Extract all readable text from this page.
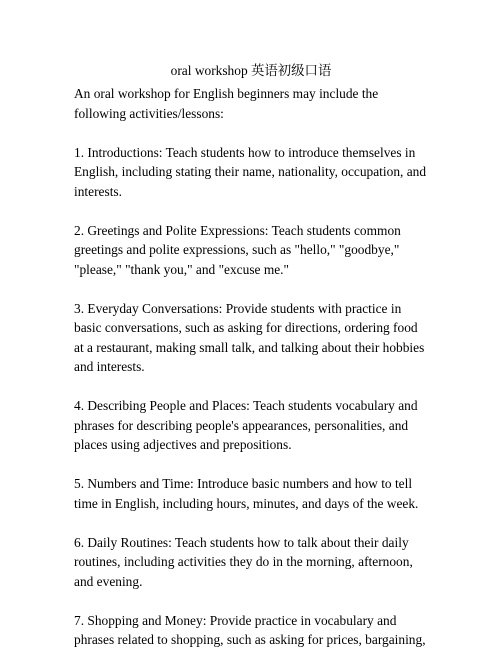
oral workshop 英语初级口语

An oral workshop for English beginners may include the following activities/lessons:

1. Introductions: Teach students how to introduce themselves in English, including stating their name, nationality, occupation, and interests.

2. Greetings and Polite Expressions: Teach students common greetings and polite expressions, such as "hello," "goodbye," "please," "thank you," and "excuse me."

3. Everyday Conversations: Provide students with practice in basic conversations, such as asking for directions, ordering food at a restaurant, making small talk, and talking about their hobbies and interests.

4. Describing People and Places: Teach students vocabulary and phrases for describing people's appearances, personalities, and places using adjectives and prepositions.

5. Numbers and Time: Introduce basic numbers and how to tell time in English, including hours, minutes, and days of the week.

6. Daily Routines: Teach students how to talk about their daily routines, including activities they do in the morning, afternoon, and evening.

7. Shopping and Money: Provide practice in vocabulary and phrases related to shopping, such as asking for prices, bargaining,
